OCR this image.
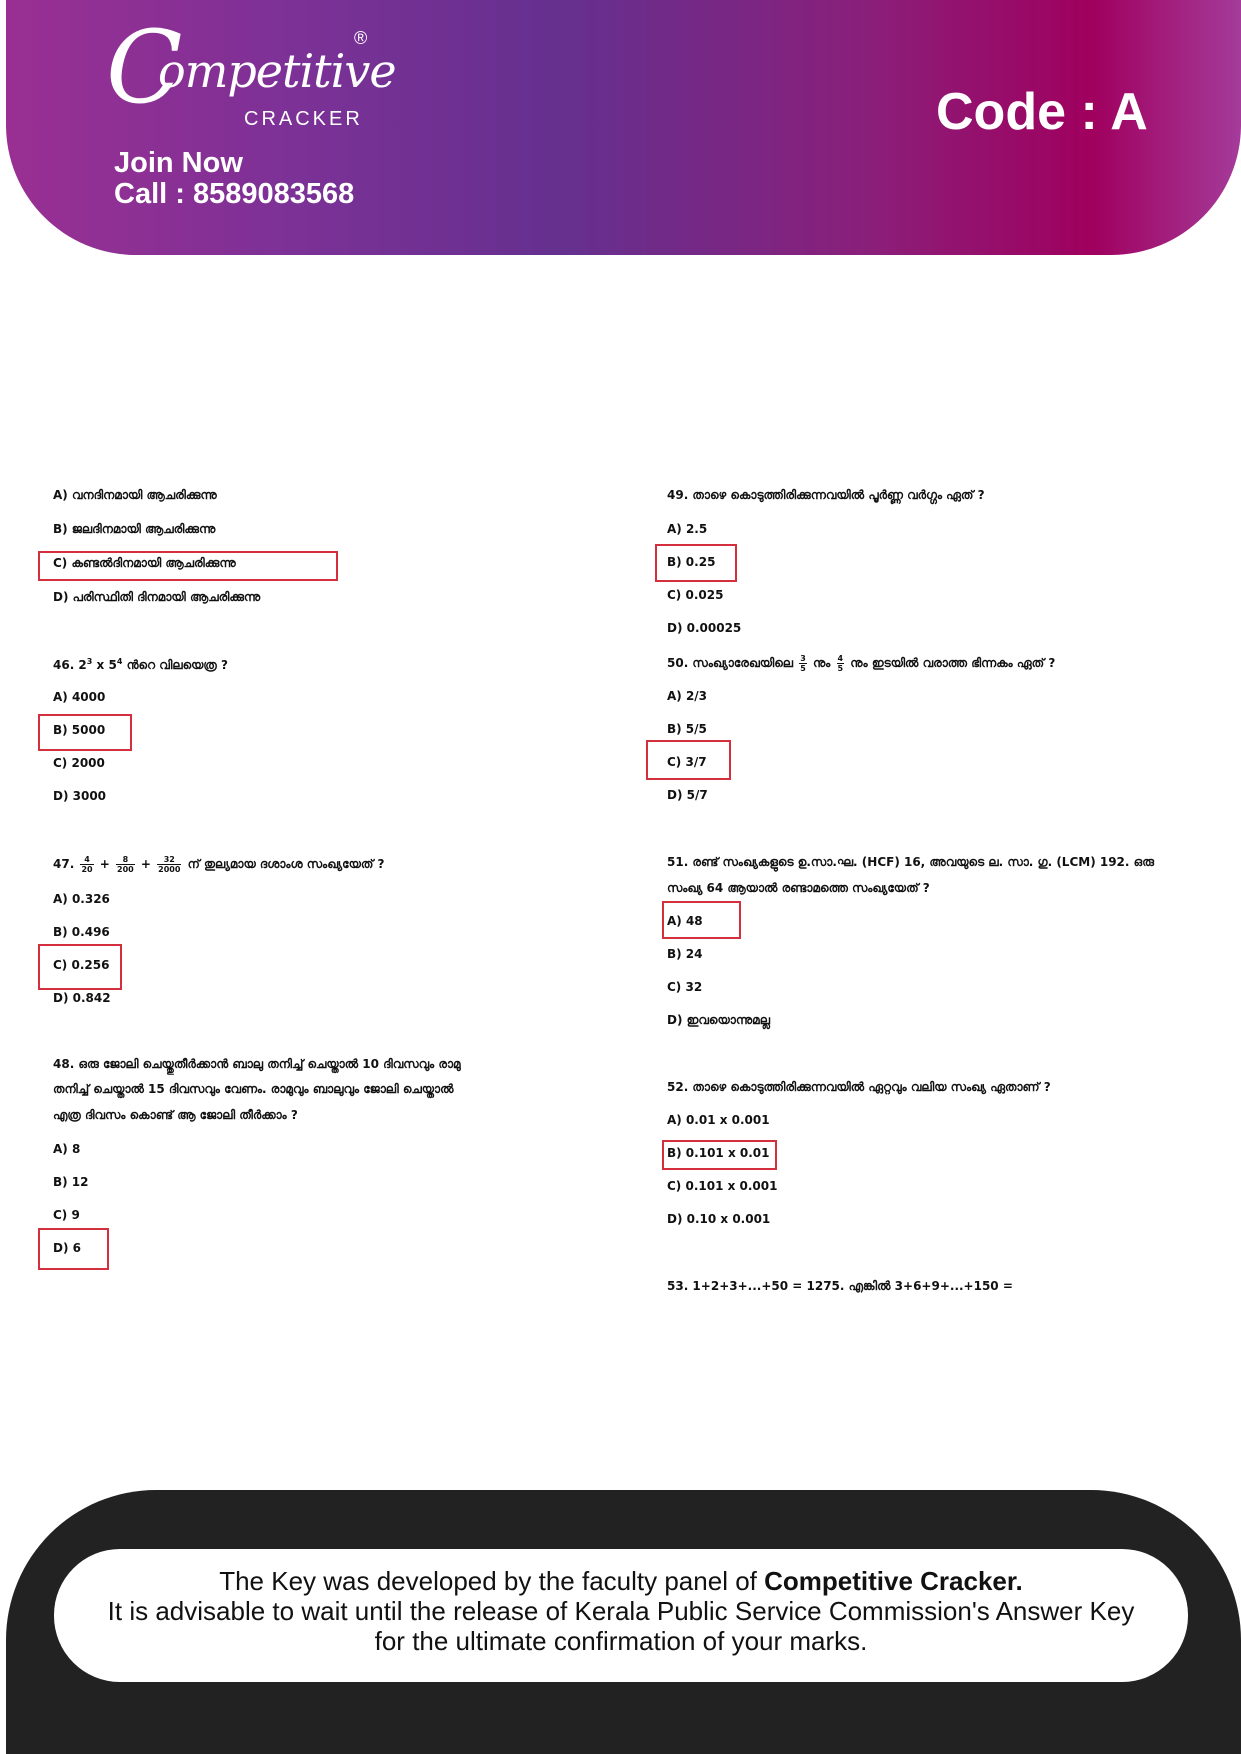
C
ompetitive
CRACKER
®
Join Now
Call : 8589083568
Code : A
A) വനദിനമായി ആചരിക്കുന്നു
B) ജലദിനമായി ആചരിക്കുന്നു
C) കണ്ടൽദിനമായി ആചരിക്കുന്നു
D) പരിസ്ഥിതി ദിനമായി ആചരിക്കുന്നു
46. $2^3$ x $5^4$ ൻറെ വിലയെത്ര ?
A) 4000
B) 5000
C) 2000
D) 3000
47. $\frac{4}{20} + \frac{8}{200} + \frac{32}{2000}$ ന് തുല്യമായ ദശാംശ സംഖ്യയേത് ?
A) 0.326
B) 0.496
C) 0.256
D) 0.842
48. ഒരു ജോലി ചെയ്തുതീർക്കാൻ ബാലു തനിച്ച് ചെയ്താൽ 10 ദിവസവും രാമു
തനിച്ച് ചെയ്താൽ 15 ദിവസവും വേണം. രാമുവും ബാലുവും ജോലി ചെയ്താൽ
എത്ര ദിവസം കൊണ്ട് ആ ജോലി തീർക്കാം ?
A) 8
B) 12
C) 9
D) 6
49. താഴെ കൊടുത്തിരിക്കുന്നവയിൽ പൂർണ്ണ വർഗ്ഗം ഏത് ?
A) 2.5
B) 0.25
C) 0.025
D) 0.00025
50. സംഖ്യാരേഖയിലെ $\frac{3}{5}$ നും $\frac{4}{5}$ നും ഇടയിൽ വരാത്ത ഭിന്നകം ഏത് ?
A) 2/3
B) 5/5
C) 3/7
D) 5/7
51. രണ്ട് സംഖ്യകളുടെ ഉ.സാ.ഘ. (HCF) 16, അവയുടെ ല. സാ. ഗു. (LCM) 192. ഒരു
സംഖ്യ 64 ആയാൽ രണ്ടാമത്തെ സംഖ്യയേത് ?
A) 48
B) 24
C) 32
D) ഇവയൊന്നുമല്ല
52. താഴെ കൊടുത്തിരിക്കുന്നവയിൽ ഏറ്റവും വലിയ സംഖ്യ ഏതാണ് ?
A) 0.01 x 0.001
B) 0.101 x 0.01
C) 0.101 x 0.001
D) 0.10 x 0.001
53. 1+2+3+...+50 = 1275. എങ്കിൽ 3+6+9+...+150 =
The Key was developed by the faculty panel of Competitive Cracker.
It is advisable to wait until the release of Kerala Public Service Commission's Answer Key
for the ultimate confirmation of your marks.
